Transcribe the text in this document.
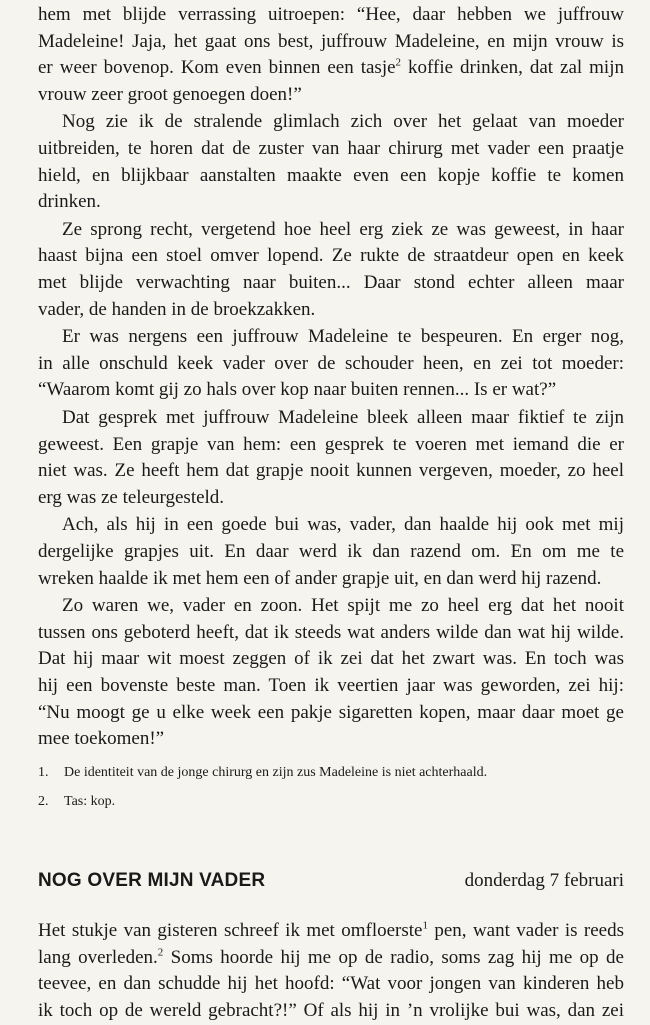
hem met blijde verrassing uitroepen: “Hee, daar hebben we juffrouw
Madeleine! Jaja, het gaat ons best, juffrouw Madeleine, en mijn vrouw is
er weer bovenop. Kom even binnen een tasje$^2$ koffie drinken, dat zal mijn
vrouw zeer groot genoegen doen!”
Nog zie ik de stralende glimlach zich over het gelaat van moeder
uitbreiden, te horen dat de zuster van haar chirurg met vader een praatje
hield, en blijkbaar aanstalten maakte even een kopje koffie te komen
drinken.
Ze sprong recht, vergetend hoe heel erg ziek ze was geweest, in haar
haast bijna een stoel omver lopend. Ze rukte de straatdeur open en keek
met blijde verwachting naar buiten... Daar stond echter alleen maar
vader, de handen in de broekzakken.
Er was nergens een juffrouw Madeleine te bespeuren. En erger nog,
in alle onschuld keek vader over de schouder heen, en zei tot moeder:
“Waarom komt gij zo hals over kop naar buiten rennen... Is er wat?”
Dat gesprek met juffrouw Madeleine bleek alleen maar fiktief te zijn
geweest. Een grapje van hem: een gesprek te voeren met iemand die er
niet was. Ze heeft hem dat grapje nooit kunnen vergeven, moeder, zo heel
erg was ze teleurgesteld.
Ach, als hij in een goede bui was, vader, dan haalde hij ook met mij
dergelijke grapjes uit. En daar werd ik dan razend om. En om me te
wreken haalde ik met hem een of ander grapje uit, en dan werd hij razend.
Zo waren we, vader en zoon. Het spijt me zo heel erg dat het nooit
tussen ons geboterd heeft, dat ik steeds wat anders wilde dan wat hij wilde.
Dat hij maar wit moest zeggen of ik zei dat het zwart was. En toch was
hij een bovenste beste man. Toen ik veertien jaar was geworden, zei hij:
“Nu moogt ge u elke week een pakje sigaretten kopen, maar daar moet ge
mee toekomen!”
1. De identiteit van de jonge chirurg en zijn zus Madeleine is niet achterhaald.
2. Tas: kop.
NOG OVER MIJN VADER	donderdag 7 februari
Het stukje van gisteren schreef ik met omfloerste$^1$ pen, want vader is reeds
lang overleden.$^2$ Soms hoorde hij me op de radio, soms zag hij me op de
teevee, en dan schudde hij het hoofd: “Wat voor jongen van kinderen heb
ik toch op de wereld gebracht?!” Of als hij in ’n vrolijke bui was, dan zei
